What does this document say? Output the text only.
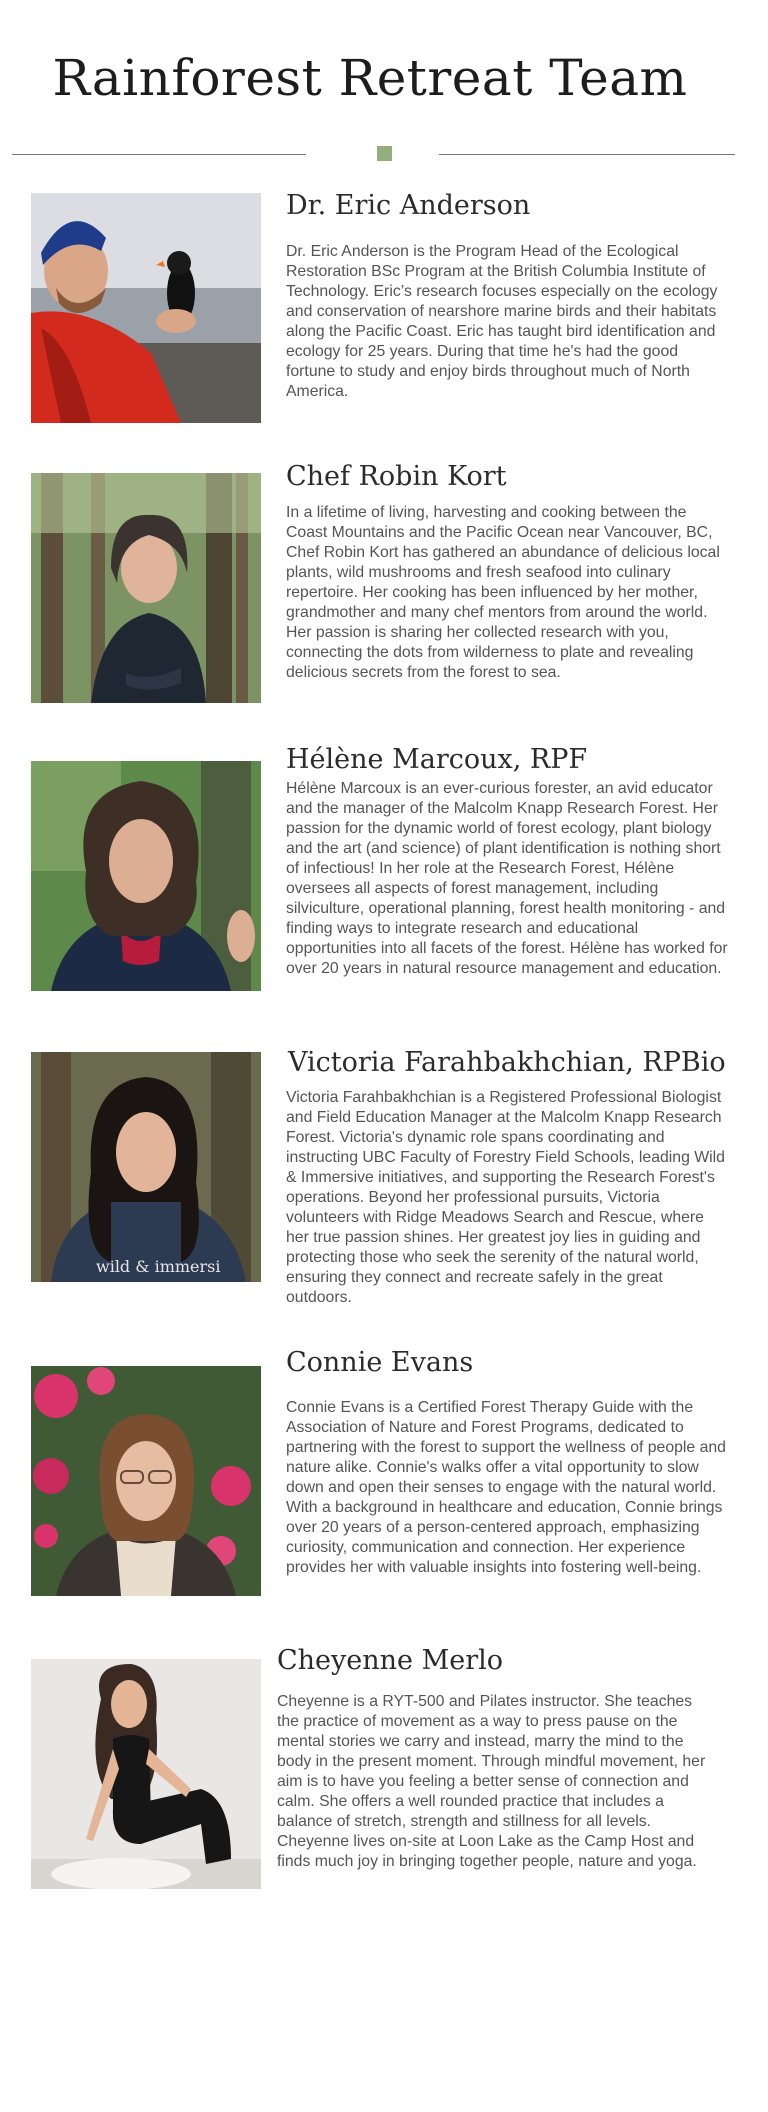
Rainforest Retreat Team
Dr. Eric Anderson
Dr. Eric Anderson is the Program Head of the Ecological Restoration BSc Program at the British Columbia Institute of Technology. Eric’s research focuses especially on the ecology and conservation of nearshore marine birds and their habitats along the Pacific Coast. Eric has taught bird identification and ecology for 25 years. During that time he's had the good fortune to study and enjoy birds throughout much of North America.
Chef Robin Kort
In a lifetime of living, harvesting and cooking between the Coast Mountains and the Pacific Ocean near Vancouver, BC, Chef Robin Kort has gathered an abundance of delicious local plants, wild mushrooms and fresh seafood into culinary repertoire. Her cooking has been influenced by her mother, grandmother and many chef mentors from around the world. Her passion is sharing her collected research with you, connecting the dots from wilderness to plate and revealing delicious secrets from the forest to sea.
Hélène Marcoux, RPF
Hélène Marcoux is an ever-curious forester, an avid educator and the manager of the Malcolm Knapp Research Forest. Her passion for the dynamic world of forest ecology, plant biology and the art (and science) of plant identification is nothing short of infectious! In her role at the Research Forest, Hélène oversees all aspects of forest management, including silviculture, operational planning, forest health monitoring - and finding ways to integrate research and educational opportunities into all facets of the forest. Hélène has worked for over 20 years in natural resource management and education.
wild & immersi
Victoria Farahbakhchian, RPBio
Victoria Farahbakhchian is a Registered Professional Biologist and Field Education Manager at the Malcolm Knapp Research Forest. Victoria's dynamic role spans coordinating and instructing UBC Faculty of Forestry Field Schools, leading Wild & Immersive initiatives, and supporting the Research Forest's operations. Beyond her professional pursuits, Victoria volunteers with Ridge Meadows Search and Rescue, where her true passion shines. Her greatest joy lies in guiding and protecting those who seek the serenity of the natural world, ensuring they connect and recreate safely in the great outdoors.
Connie Evans
Connie Evans is a Certified Forest Therapy Guide with the Association of Nature and Forest Programs, dedicated to partnering with the forest to support the wellness of people and nature alike. Connie's walks offer a vital opportunity to slow down and open their senses to engage with the natural world. With a background in healthcare and education, Connie brings over 20 years of a person-centered approach, emphasizing curiosity, communication and connection. Her experience provides her with valuable insights into fostering well-being.
Cheyenne Merlo
Cheyenne is a RYT-500 and Pilates instructor. She teaches the practice of movement as a way to press pause on the mental stories we carry and instead, marry the mind to the body in the present moment. Through mindful movement, her aim is to have you feeling a better sense of connection and calm. She offers a well rounded practice that includes a balance of stretch, strength and stillness for all levels. Cheyenne lives on-site at Loon Lake as the Camp Host and finds much joy in bringing together people, nature and yoga.
